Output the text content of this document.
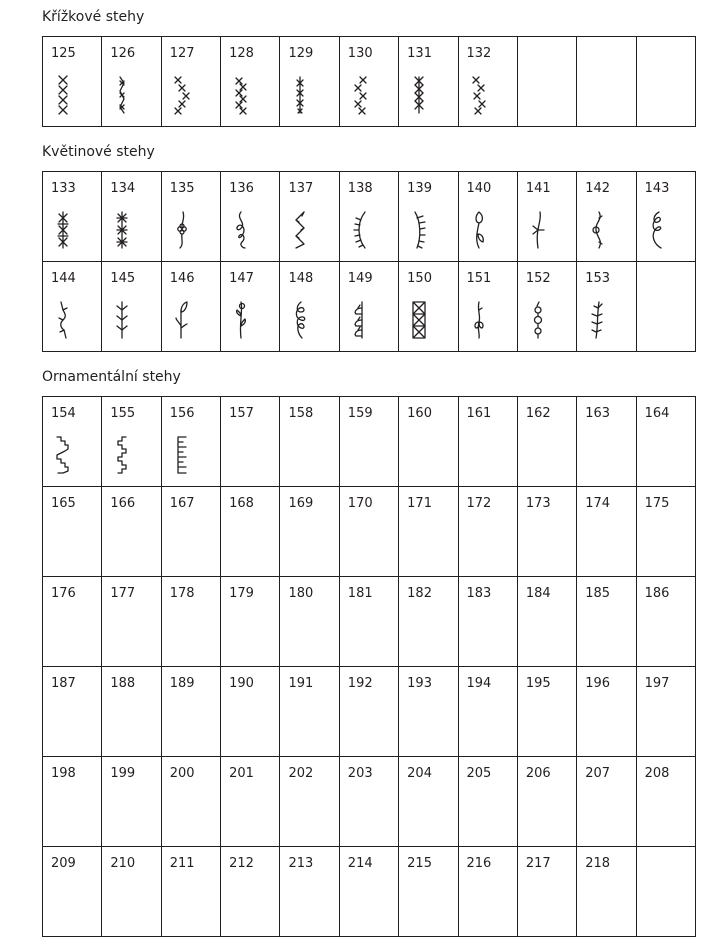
Křížkové stehy
125	126	127	128	129	130	131	132

Květinové stehy
133	134	135	136	137	138	139	140	141	142	143

144	145	146	147	148	149	150	151	152	153	

Ornamentální stehy
154	155	156	157	158	159	160	161	162	163	164

165	166	167	168	169	170	171	172	173	174	175

176	177	178	179	180	181	182	183	184	185	186

187	188	189	190	191	192	193	194	195	196	197

198	199	200	201	202	203	204	205	206	207	208

209	210	211	212	213	214	215	216	217	218	
